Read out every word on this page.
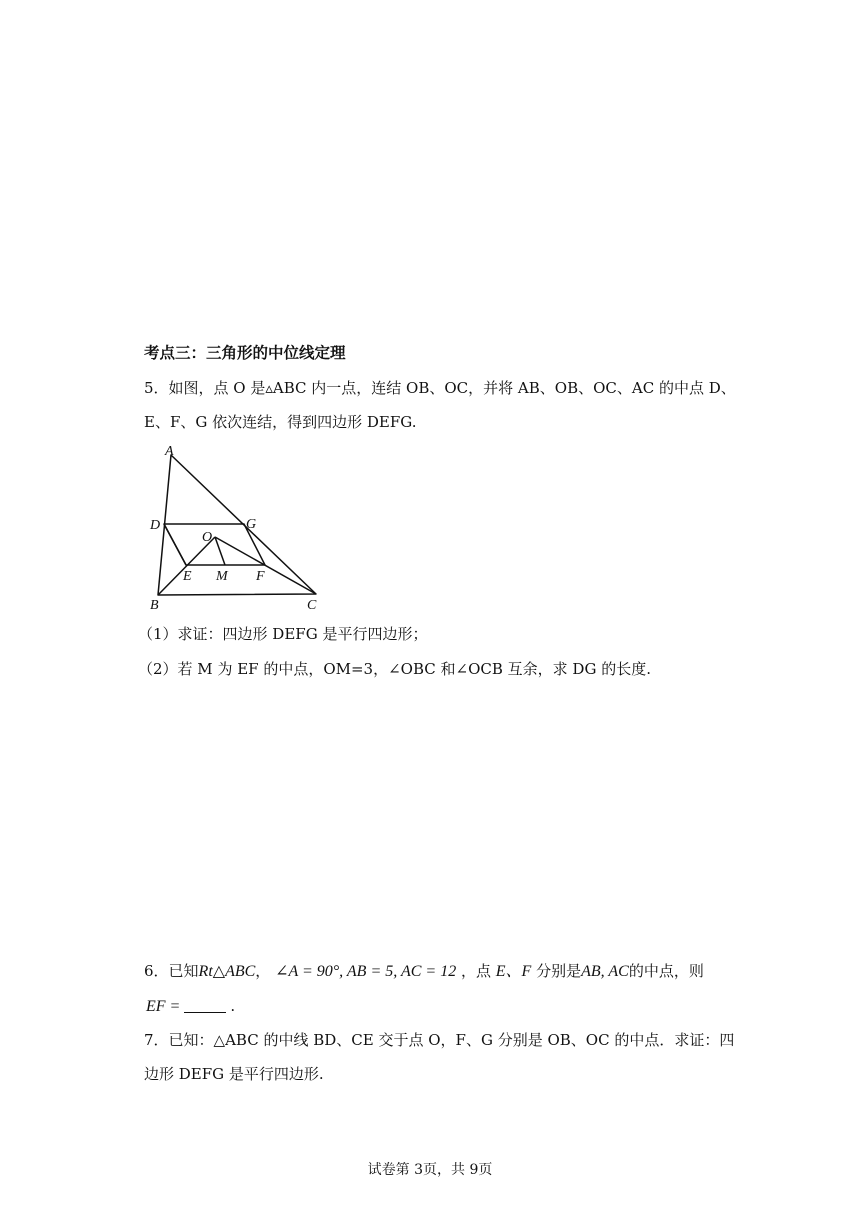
考点三：三角形的中位线定理
5．如图，点 O 是▵ABC 内一点，连结 OB、OC，并将 AB、OB、OC、AC 的中点 D、
E、F、G 依次连结，得到四边形 DEFG.
A
D	G
O
E M F
B	C
（1）求证：四边形 DEFG 是平行四边形；
（2）若 M 为 EF 的中点，OM=3，∠OBC 和∠OCB 互余，求 DG 的长度.
6．已知Rt△ABC， ∠A = 90°, AB = 5, AC = 12 ，点 E、F 分别是AB, AC的中点，则
EF =	.
7．已知：△ABC 的中线 BD、CE 交于点 O，F、G 分别是 OB、OC 的中点．求证：四
边形 DEFG 是平行四边形.
试卷第 3页，共 9页
